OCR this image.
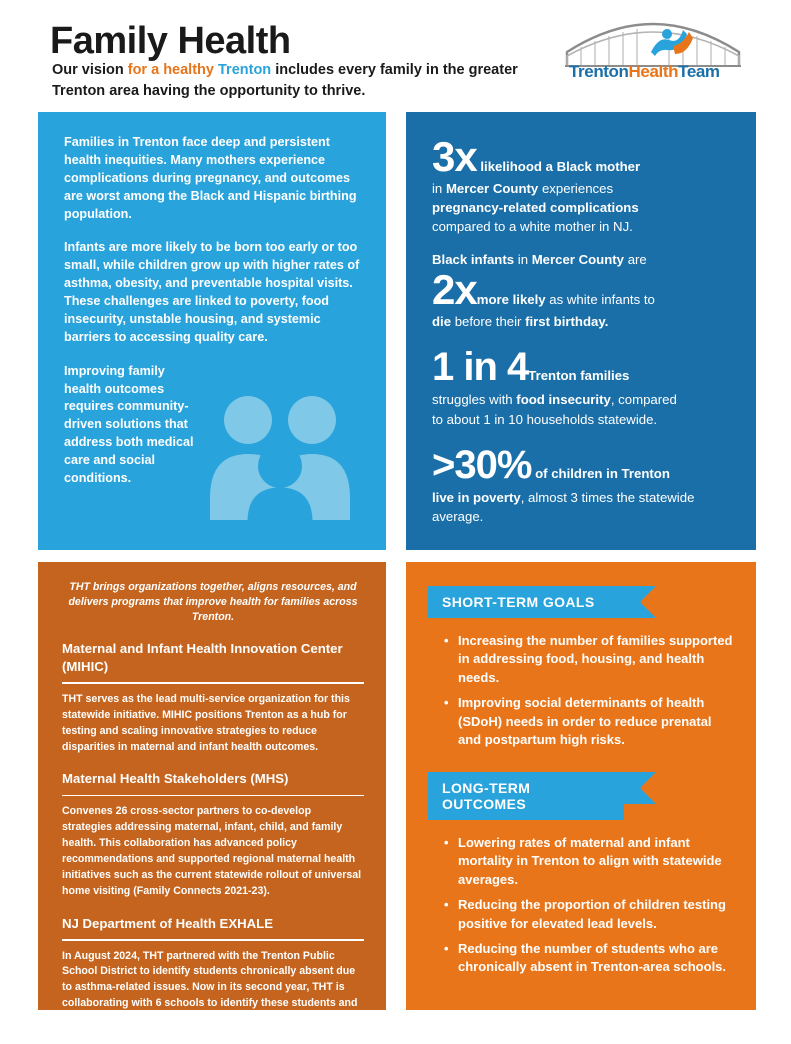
Family Health
Our vision for a healthy Trenton includes every family in the greater Trenton area having the opportunity to thrive.
TrentonHealthTeam

Families in Trenton face deep and persistent health inequities. Many mothers experience complications during pregnancy, and outcomes are worst among the Black and Hispanic birthing population.

Infants are more likely to be born too early or too small, while children grow up with higher rates of asthma, obesity, and preventable hospital visits. These challenges are linked to poverty, food insecurity, unstable housing, and systemic barriers to accessing quality care.

Improving family health outcomes requires community-driven solutions that address both medical care and social conditions.

3x likelihood a Black mother
in Mercer County experiences
pregnancy-related complications
compared to a white mother in NJ.
Black infants in Mercer County are
2xmore likely as white infants to
die before their first birthday.
1 in 4Trenton families
struggles with food insecurity, compared
to about 1 in 10 households statewide.
>30% of children in Trenton
live in poverty, almost 3 times the statewide
average.
THT brings organizations together, aligns resources, and delivers programs that improve health for families across Trenton.
Maternal and Infant Health Innovation Center (MIHIC)
THT serves as the lead multi-service organization for this statewide initiative. MIHIC positions Trenton as a hub for testing and scaling innovative strategies to reduce disparities in maternal and infant health outcomes.
Maternal Health Stakeholders (MHS)
Convenes 26 cross-sector partners to co-develop strategies addressing maternal, infant, child, and family health. This collaboration has advanced policy recommendations and supported regional maternal health initiatives such as the current statewide rollout of universal home visiting (Family Connects 2021-23).
NJ Department of Health EXHALE
In August 2024, THT partnered with the Trenton Public School District to identify students chronically absent due to asthma-related issues. Now in its second year, THT is collaborating with 6 schools to identify these students and support them in accessing the care they need to go to school.
SHORT-TERM GOALS
• Increasing the number of families supported in addressing food, housing, and health needs.
• Improving social determinants of health (SDoH) needs in order to reduce prenatal and postpartum high risks.
LONG-TERM OUTCOMES
• Lowering rates of maternal and infant mortality in Trenton to align with statewide averages.
• Reducing the proportion of children testing positive for elevated lead levels.
• Reducing the number of students who are chronically absent in Trenton-area schools.
